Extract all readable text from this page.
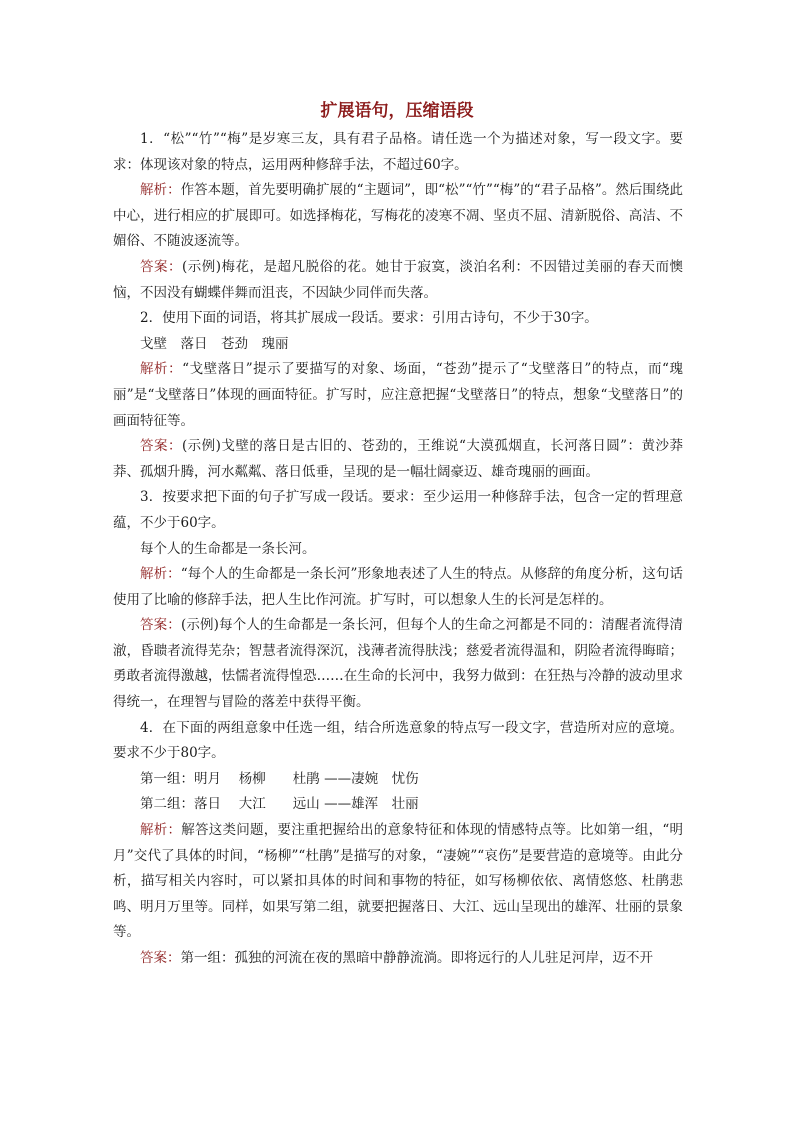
扩展语句，压缩语段

1．“松”“竹”“梅”是岁寒三友，具有君子品格。请任选一个为描述对象，写一段文字。要求：体现该对象的特点，运用两种修辞手法，不超过60字。

解析：作答本题，首先要明确扩展的“主题词”，即“松”“竹”“梅”的“君子品格”。然后围绕此中心，进行相应的扩展即可。如选择梅花，写梅花的凌寒不凋、坚贞不屈、清新脱俗、高洁、不媚俗、不随波逐流等。

答案：(示例)梅花，是超凡脱俗的花。她甘于寂寞，淡泊名利：不因错过美丽的春天而懊恼，不因没有蝴蝶伴舞而沮丧，不因缺少同伴而失落。

2．使用下面的词语，将其扩展成一段话。要求：引用古诗句，不少于30字。

戈壁　落日　苍劲　瑰丽

解析：“戈壁落日”提示了要描写的对象、场面，“苍劲”提示了“戈壁落日”的特点，而“瑰丽”是“戈壁落日”体现的画面特征。扩写时，应注意把握“戈壁落日”的特点，想象“戈壁落日”的画面特征等。

答案：(示例)戈壁的落日是古旧的、苍劲的，王维说“大漠孤烟直，长河落日圆”：黄沙莽莽、孤烟升腾，河水粼粼、落日低垂，呈现的是一幅壮阔豪迈、雄奇瑰丽的画面。

3．按要求把下面的句子扩写成一段话。要求：至少运用一种修辞手法，包含一定的哲理意蕴，不少于60字。

每个人的生命都是一条长河。

解析：“每个人的生命都是一条长河”形象地表述了人生的特点。从修辞的角度分析，这句话使用了比喻的修辞手法，把人生比作河流。扩写时，可以想象人生的长河是怎样的。

答案：(示例)每个人的生命都是一条长河，但每个人的生命之河都是不同的：清醒者流得清澈，昏聩者流得芜杂；智慧者流得深沉，浅薄者流得肤浅；慈爱者流得温和，阴险者流得晦暗；勇敢者流得激越，怯懦者流得惶恐……在生命的长河中，我努力做到：在狂热与冷静的波动里求得统一，在理智与冒险的落差中获得平衡。

4．在下面的两组意象中任选一组，结合所选意象的特点写一段文字，营造所对应的意境。要求不少于80字。

第一组：明月　 杨柳　　杜鹃 ——凄婉　忧伤

第二组：落日　 大江　　远山 ——雄浑　壮丽

解析：解答这类问题，要注重把握给出的意象特征和体现的情感特点等。比如第一组，“明月”交代了具体的时间，“杨柳”“杜鹃”是描写的对象，“凄婉”“哀伤”是要营造的意境等。由此分析，描写相关内容时，可以紧扣具体的时间和事物的特征，如写杨柳依依、离情悠悠、杜鹃悲鸣、明月万里等。同样，如果写第二组，就要把握落日、大江、远山呈现出的雄浑、壮丽的景象等。

答案：第一组：孤独的河流在夜的黑暗中静静流淌。即将远行的人儿驻足河岸，迈不开
